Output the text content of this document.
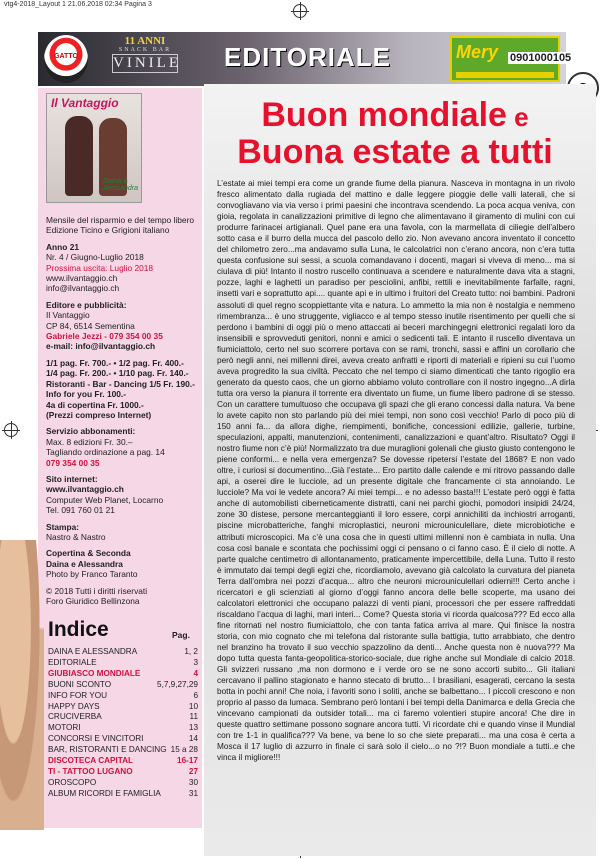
vtg4-2018_Layout 1 21.06.2018 02:34 Pagina 3
GATTO
11 ANNI
SNACK BAR
VINILE EDITORIALE	Mery 0901000105
Il Vantaggio
Daina & Alessandra

Mensile del risparmio e del tempo libero
Edizione Ticino e Grigioni italiano

Anno 21
Nr. 4 / Giugno-Luglio 2018
Prossima uscita: Luglio 2018
www.ilvantaggio.ch
info@ilvantaggio.ch

Editore e pubblicità:
Il Vantaggio
CP 84, 6514 Sementina
Gabriele Jezzi - 079 354 00 35
e-mail: info@ilvantaggio.ch

1/1 pag. Fr. 700.- • 1/2 pag. Fr. 400.-
1/4 pag. Fr. 200.- • 1/10 pag. Fr. 140.-
Ristoranti - Bar - Dancing 1/5 Fr. 190.-
Info for you Fr. 100.-
4a di copertina Fr. 1000.-
(Prezzi compreso Internet)

Servizio abbonamenti:
Max. 8 edizioni Fr. 30.–
Tagliando ordinazione a pag. 14
079 354 00 35

Sito internet:
www.ilvantaggio.ch
Computer Web Planet, Locarno
Tel. 091 760 01 21

Stampa:
Nastro & Nastro

Copertina & Seconda
Daina e Alessandra
Photo by Franco Taranto

© 2018 Tutti i diritti riservati
Foro Giuridico Bellinzona

Indice	Pag.
DAINA E ALESSANDRA	1, 2
EDITORIALE	3
GIUBIASCO MONDIALE	4
BUONI SCONTO	5,7,9,27,29
INFO FOR YOU	6
HAPPY DAYS	10
CRUCIVERBA	11
MOTORI	13
CONCORSI E VINCITORI	14
BAR, RISTORANTI E DANCING 15 a 28
DISCOTECA CAPITAL	16-17
TI - TATTOO LUGANO	27
OROSCOPO	30
ALBUM RICORDI E FAMIGLIA	31
Buon mondiale e
Buona estate a tutti
L’estate ai miei tempi era come un grande fiume della pianura. Nasceva in montagna in un rivolo fresco alimentato dalla rugiada del mattino e dalle leggere pioggie delle valli laterali, che si convogliavano via via verso i primi paesini che incontrava scendendo. La poca acqua veniva, con gioia, regolata in canalizzazioni primitive di legno che alimentavano il giramento di mulini con cui produrre farinacei artigianali. Quel pane era una favola, con la marmellata di ciliegie dell’albero sotto casa e il burro della mucca del pascolo dello zio. Non avevano ancora inventato il concetto del chilometro zero...ma andavamo sulla Luna, le calcolatrici non c’erano ancora, non c’era tutta questa confusione sui sessi, a scuola comandavano i docenti, magari si viveva di meno... ma si ciulava di più! Intanto il nostro ruscello continuava a scendere e naturalmente dava vita a stagni, pozze, laghi e laghetti un paradiso per pesciolini, anfibi, rettili e inevitabilmente farfalle, ragni, insetti vari e soprattutto api.... quante api e in ultimo i fruitori del Creato tutto: noi bambini. Padroni assoluti di quel regno scoppiettante vita e natura. Lo ammetto la mia non è nostalgia e nemmeno rimembranza... è uno struggente, vigliacco e al tempo stesso inutile risentimento per quelli che si perdono i bambini di oggi più o meno attaccati ai beceri marchingegni elettronici regalati loro da insensibili e sprovveduti genitori, nonni e amici o sedicenti tali. E intanto il ruscello diventava un fiumiciattolo, certo nel suo scorrere portava con se rami, tronchi, sassi e affini un corollario che però negli anni, nei millenni direi, aveva creato anfratti e riporti di materiali e ripieni su cui l’uomo aveva progredito la sua civiltà. Peccato che nel tempo ci siamo dimenticati che tanto rigoglio era generato da questo caos, che un giorno abbiamo voluto controllare con il nostro ingegno...A dirla tutta ora verso la pianura il torrente era diventato un fiume, un fiume libero padrone di se stesso. Con un carattere tumultuoso che occupava gli spazi che gli erano concessi dalla natura. Va bene lo avete capito non sto parlando più dei miei tempi, non sono così vecchio! Parlo di poco più di 150 anni fa... da allora dighe, riempimenti, bonifiche, concessioni edilizie, gallerie, turbine, speculazioni, appalti, manutenzioni, contenimenti, canalizzazioni e quant’altro. Risultato? Oggi il nostro fiume non c’è più! Normalizzato tra due muraglioni golenali che giusto giusto contengono le piene conformi... e nella vera emergenza? Se dovesse ripetersi l’estate del 1868? E non vado oltre, i curiosi si documentino...Già l’estate... Ero partito dalle calende e mi ritrovo passando dalle api, a oserei dire le lucciole, ad un presente digitale che francamente ci sta annoiando. Le lucciole? Ma voi le vedete ancora? Ai miei tempi... e no adesso basta!!! L’estate però oggi è fatta anche di automobilisti ciberneticamente distratti, cani nei parchi giochi, pomodori insipidi 24/24, zone 30 distese, persone mercanteggianti il loro essere, corpi annichiliti da inchiostri arroganti, piscine microbatteriche, fanghi microplastici, neuroni microuniculellare, diete microbiotiche e attributi microscopici. Ma c’è una cosa che in questi ultimi millenni non è cambiata in nulla. Una cosa così banale e scontata che pochissimi oggi ci pensano o ci fanno caso. È il cielo di notte. A parte qualche centimetro di allontanamento, praticamente impercettibile, della Luna. Tutto il resto è immutato dai tempi degli egizi che, ricordiamolo, avevano già calcolato la curvatura del pianeta Terra dall’ombra nei pozzi d’acqua... altro che neuroni microuniculellari odierni!!! Certo anche i ricercatori e gli scienziati al giorno d’oggi fanno ancora delle belle scoperte, ma usano dei calcolatori elettronici che occupano palazzi di venti piani, processori che per essere raffreddati riscaldano l’acqua di laghi, mari interi... Come? Questa storia vi ricorda qualcosa??? Ed ecco alla fine ritornati nel nostro fiumiciattolo, che con tanta fatica arriva al mare. Qui finisce la nostra storia, con mio cognato che mi telefona dal ristorante sulla battigia, tutto arrabbiato, che dentro nel branzino ha trovato il suo vecchio spazzolino da denti... Anche questa non è nuova??? Ma dopo tutta questa fanta-geopolitica-storico-sociale, due righe anche sul Mondiale di calcio 2018. Gli svizzeri russano ,ma non dormono e i verde oro se ne sono accorti subito... Gli italiani cercavano il pallino stagionato e hanno stecato di brutto... I brasiliani, esagerati, cercano la sesta botta in pochi anni! Che noia, i favoriti sono i soliti, anche se balbettano... I piccoli crescono e non proprio al passo da lumaca. Sembrano però lontani i bei tempi della Danimarca e della Grecia che vincevano campionati da outsider totali... ma ci faremo volentieri stupire ancora! Che dire in queste quattro settimane possono sognare ancora tutti. Vi ricordate chi e quando vinse il Mundial con tre 1-1 in qualifica??? Va bene, va bene lo so che siete preparati... ma una cosa è certa a Mosca il 17 luglio di azzurro in finale ci sarà solo il cielo...o no ?!? Buon mondiale a tutti..e che vinca il migliore!!!
